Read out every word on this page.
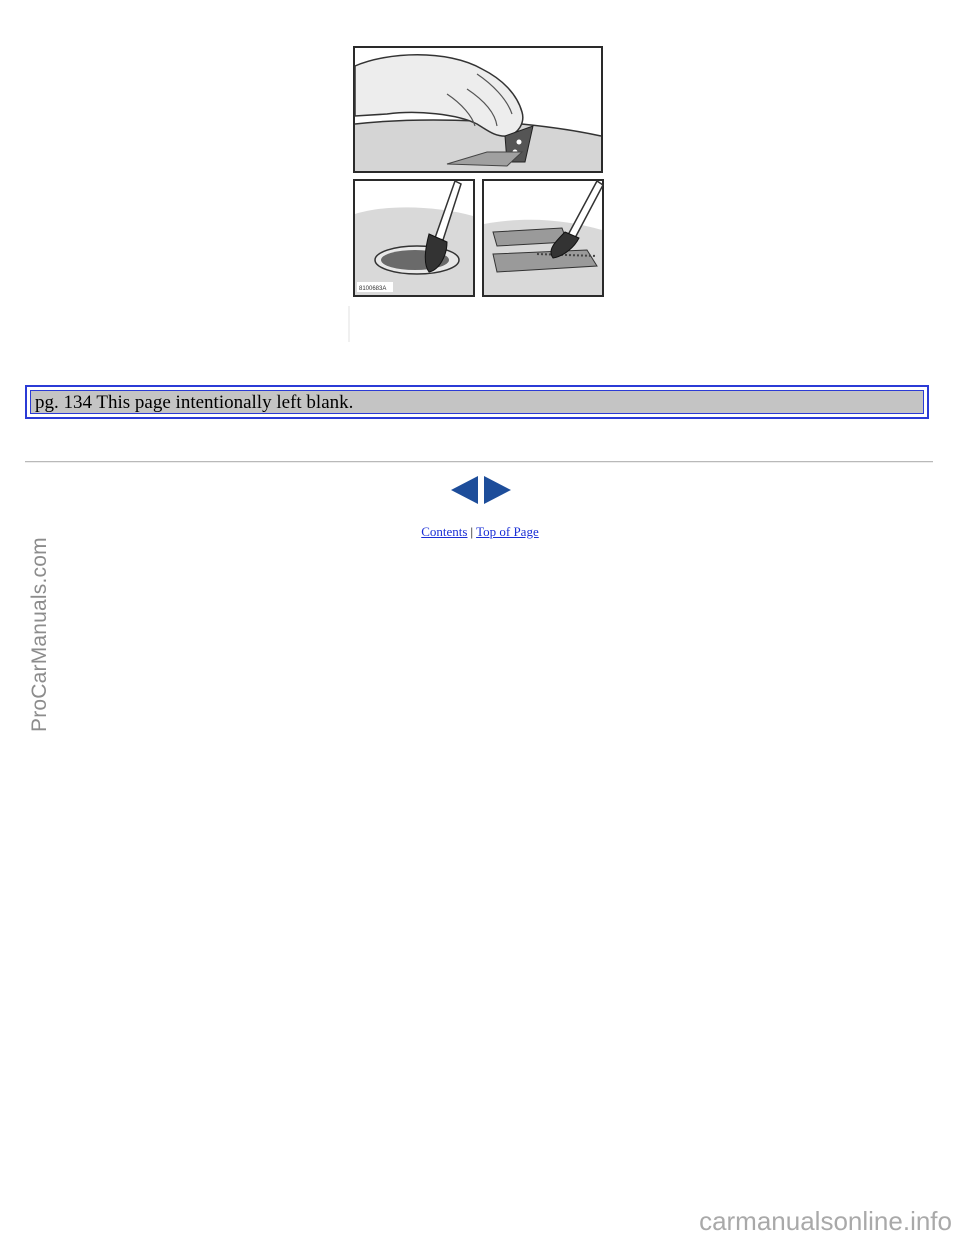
8100683A
pg. 134 This page intentionally left blank.
Contents | Top of Page
ProCarManuals.com
carmanualsonline.info
